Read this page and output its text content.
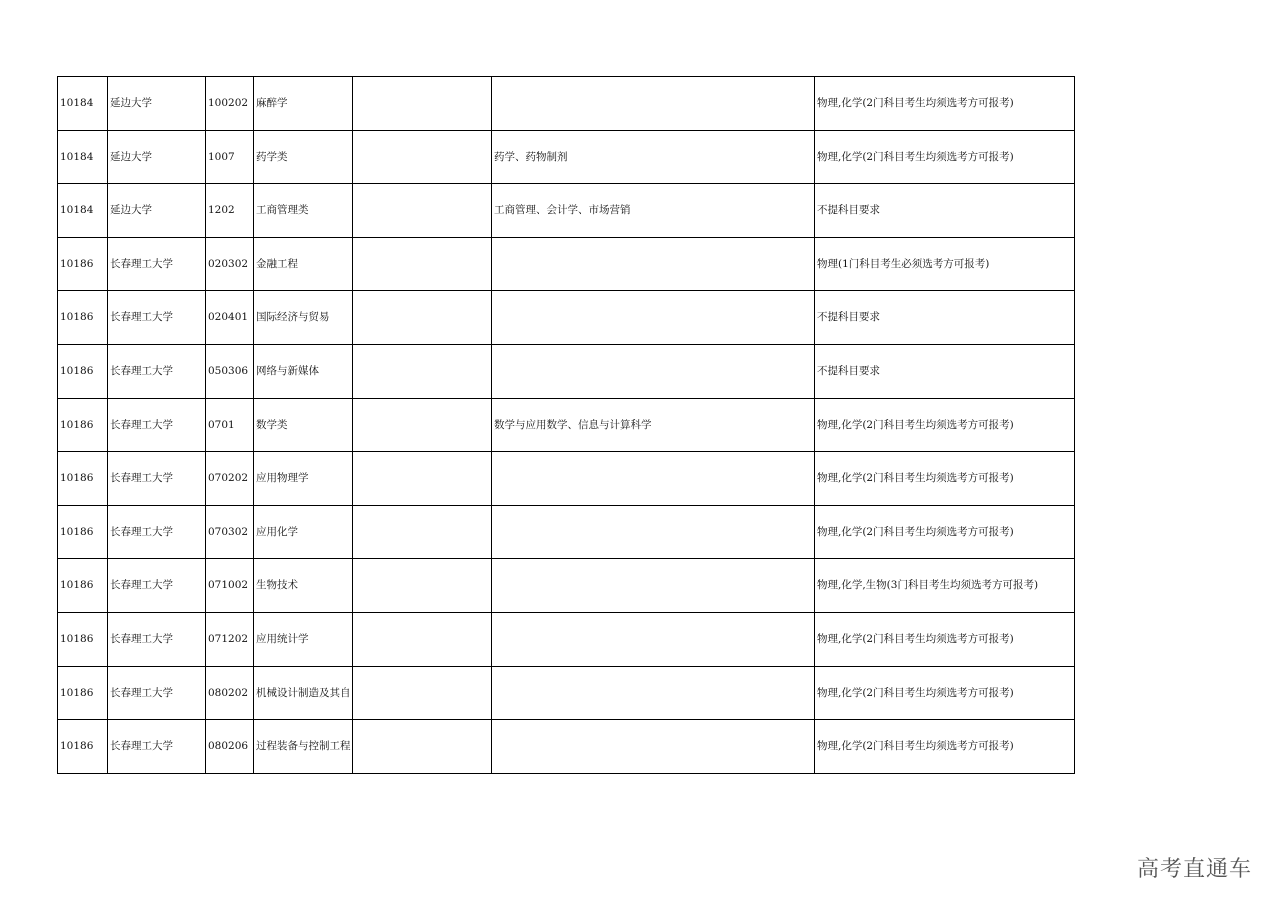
10184	延边大学	100202	麻醉学			物理,化学(2门科目考生均须选考方可报考)
10184	延边大学	1007	药学类		药学、药物制剂	物理,化学(2门科目考生均须选考方可报考)
10184	延边大学	1202	工商管理类		工商管理、会计学、市场营销	不提科目要求
10186	长春理工大学	020302	金融工程			物理(1门科目考生必须选考方可报考)
10186	长春理工大学	020401	国际经济与贸易			不提科目要求
10186	长春理工大学	050306	网络与新媒体			不提科目要求
10186	长春理工大学	0701	数学类		数学与应用数学、信息与计算科学	物理,化学(2门科目考生均须选考方可报考)
10186	长春理工大学	070202	应用物理学			物理,化学(2门科目考生均须选考方可报考)
10186	长春理工大学	070302	应用化学			物理,化学(2门科目考生均须选考方可报考)
10186	长春理工大学	071002	生物技术			物理,化学,生物(3门科目考生均须选考方可报考)
10186	长春理工大学	071202	应用统计学			物理,化学(2门科目考生均须选考方可报考)
10186	长春理工大学	080202	机械设计制造及其自			物理,化学(2门科目考生均须选考方可报考)
10186	长春理工大学	080206	过程装备与控制工程			物理,化学(2门科目考生均须选考方可报考)
高考直通车
